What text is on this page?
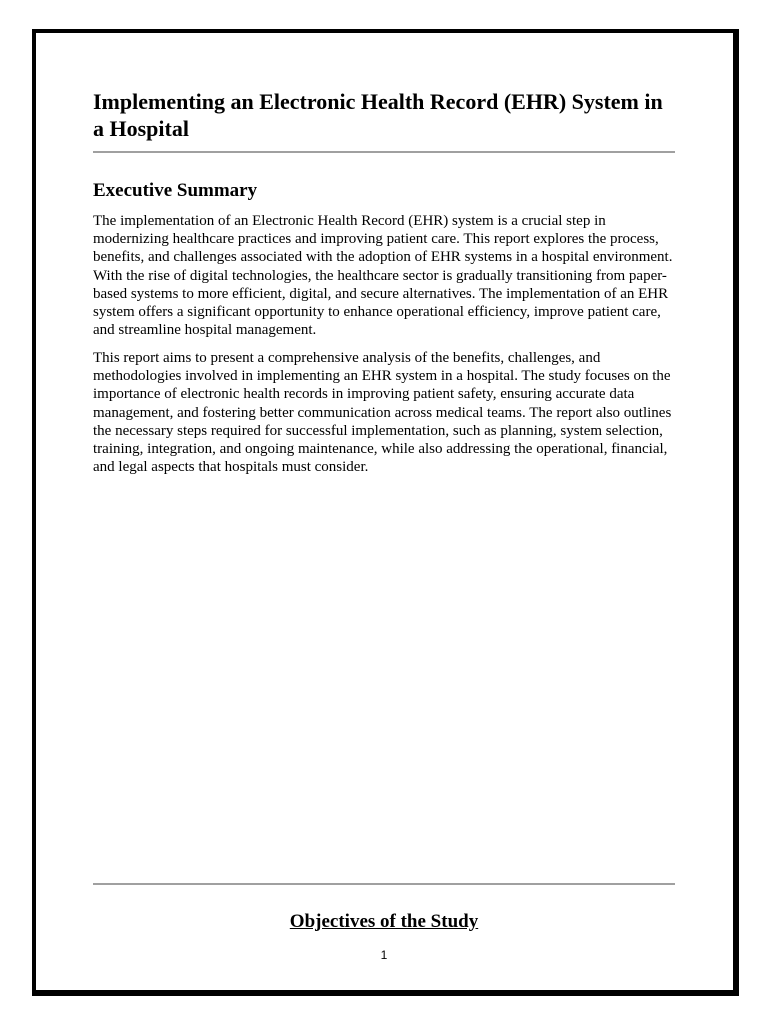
Implementing an Electronic Health Record (EHR) System in a Hospital
Executive Summary

The implementation of an Electronic Health Record (EHR) system is a crucial step in modernizing healthcare practices and improving patient care. This report explores the process, benefits, and challenges associated with the adoption of EHR systems in a hospital environment. With the rise of digital technologies, the healthcare sector is gradually transitioning from paper-based systems to more efficient, digital, and secure alternatives. The implementation of an EHR system offers a significant opportunity to enhance operational efficiency, improve patient care, and streamline hospital management.

This report aims to present a comprehensive analysis of the benefits, challenges, and methodologies involved in implementing an EHR system in a hospital. The study focuses on the importance of electronic health records in improving patient safety, ensuring accurate data management, and fostering better communication across medical teams. The report also outlines the necessary steps required for successful implementation, such as planning, system selection, training, integration, and ongoing maintenance, while also addressing the operational, financial, and legal aspects that hospitals must consider.

Objectives of the Study
1
